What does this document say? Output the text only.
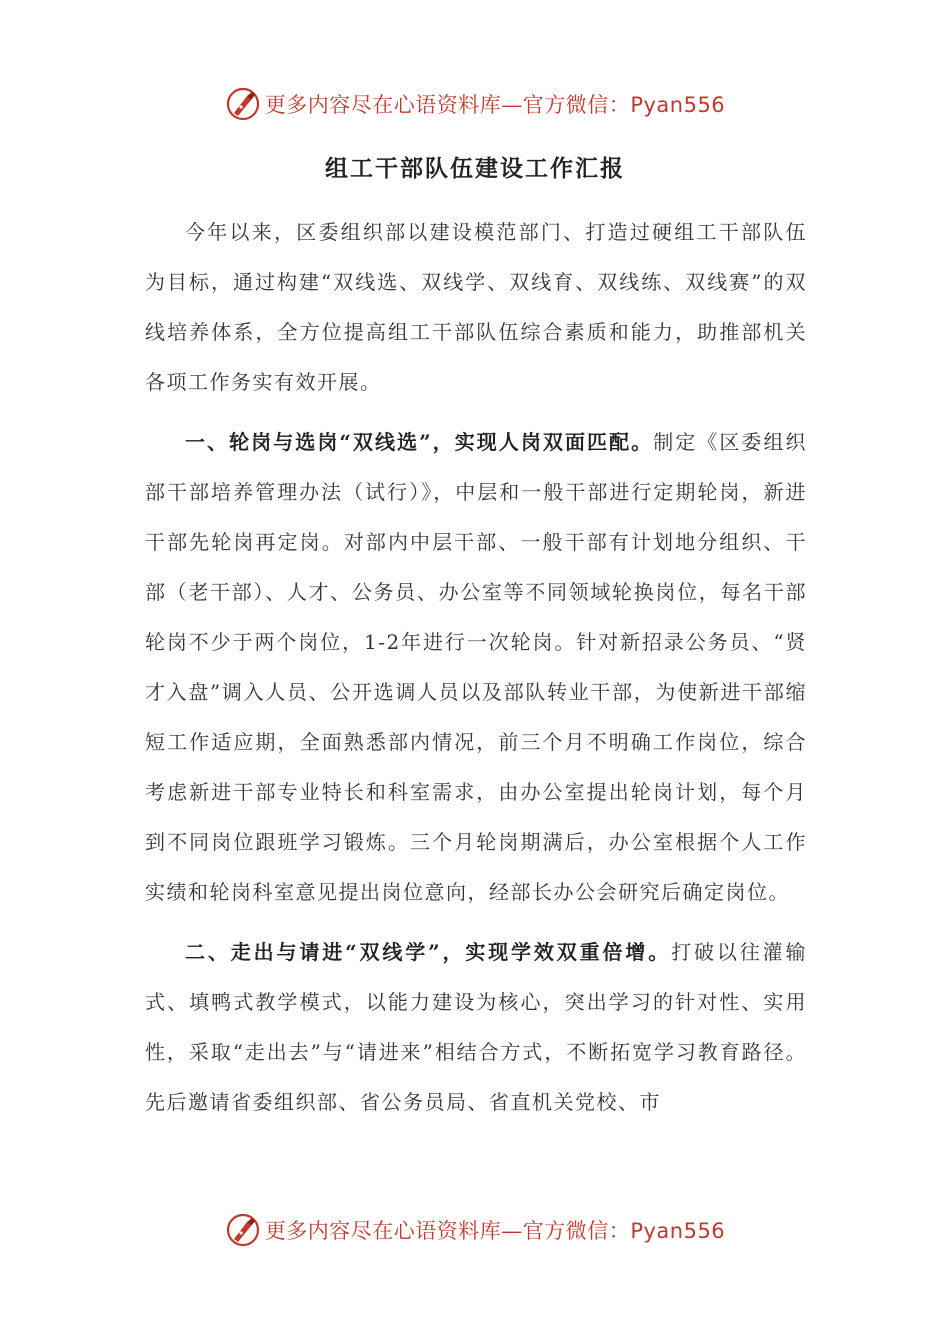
更多内容尽在心语资料库—官方微信：Pyan556
组工干部队伍建设工作汇报

今年以来，区委组织部以建设模范部门、打造过硬组工干部队伍为目标，通过构建“双线选、双线学、双线育、双线练、双线赛”的双线培养体系，全方位提高组工干部队伍综合素质和能力，助推部机关各项工作务实有效开展。

一、轮岗与选岗“双线选”，实现人岗双面匹配。制定《区委组织部干部培养管理办法（试行）》，中层和一般干部进行定期轮岗，新进干部先轮岗再定岗。对部内中层干部、一般干部有计划地分组织、干部（老干部）、人才、公务员、办公室等不同领域轮换岗位，每名干部轮岗不少于两个岗位，1-2年进行一次轮岗。针对新招录公务员、“贤才入盘”调入人员、公开选调人员以及部队转业干部，为使新进干部缩短工作适应期，全面熟悉部内情况，前三个月不明确工作岗位，综合考虑新进干部专业特长和科室需求，由办公室提出轮岗计划，每个月到不同岗位跟班学习锻炼。三个月轮岗期满后，办公室根据个人工作实绩和轮岗科室意见提出岗位意向，经部长办公会研究后确定岗位。

二、走出与请进“双线学”，实现学效双重倍增。打破以往灌输式、填鸭式教学模式，以能力建设为核心，突出学习的针对性、实用性，采取“走出去”与“请进来”相结合方式，不断拓宽学习教育路径。先后邀请省委组织部、省公务员局、省直机关党校、市

更多内容尽在心语资料库—官方微信：Pyan556
